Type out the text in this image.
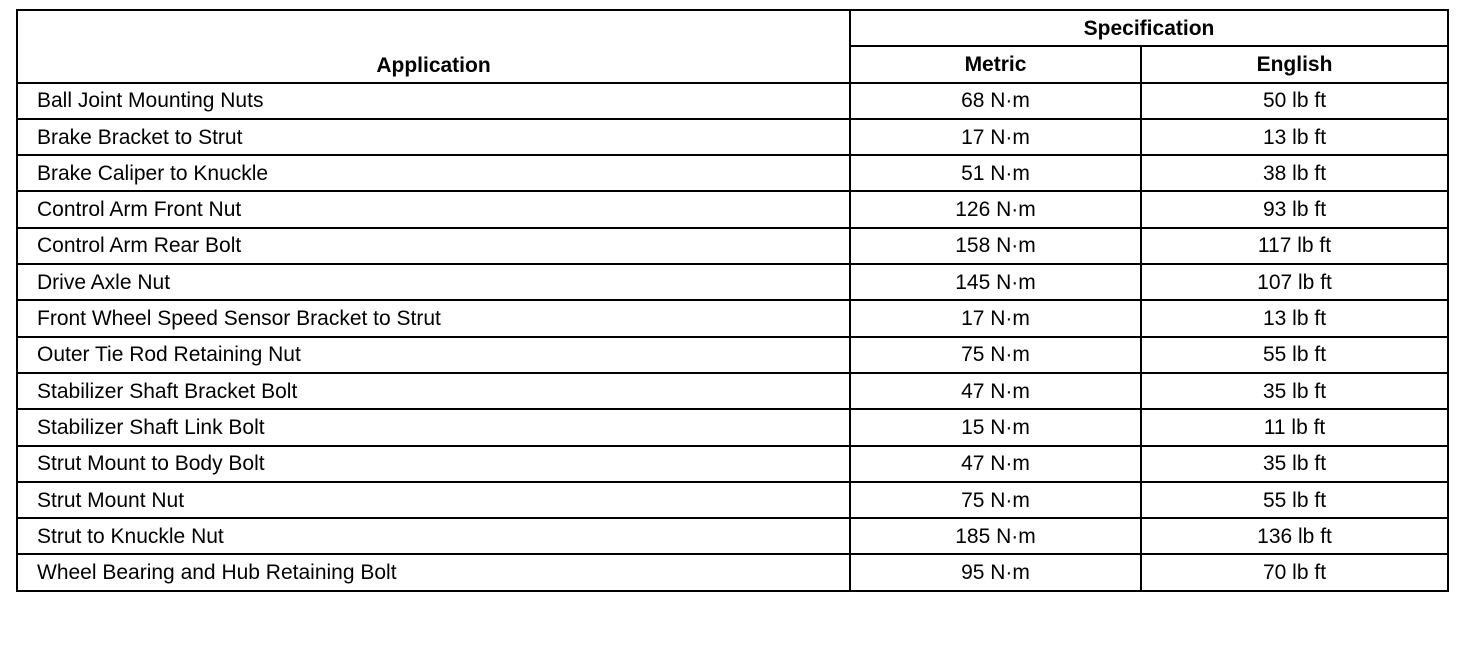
Application	Specification	
	Metric	English
Ball Joint Mounting Nuts	68 N·m	50 lb ft
Brake Bracket to Strut	17 N·m	13 lb ft
Brake Caliper to Knuckle	51 N·m	38 lb ft
Control Arm Front Nut	126 N·m	93 lb ft
Control Arm Rear Bolt	158 N·m	117 lb ft
Drive Axle Nut	145 N·m	107 lb ft
Front Wheel Speed Sensor Bracket to Strut	17 N·m	13 lb ft
Outer Tie Rod Retaining Nut	75 N·m	55 lb ft
Stabilizer Shaft Bracket Bolt	47 N·m	35 lb ft
Stabilizer Shaft Link Bolt	15 N·m	11 lb ft
Strut Mount to Body Bolt	47 N·m	35 lb ft
Strut Mount Nut	75 N·m	55 lb ft
Strut to Knuckle Nut	185 N·m	136 lb ft
Wheel Bearing and Hub Retaining Bolt	95 N·m	70 lb ft
